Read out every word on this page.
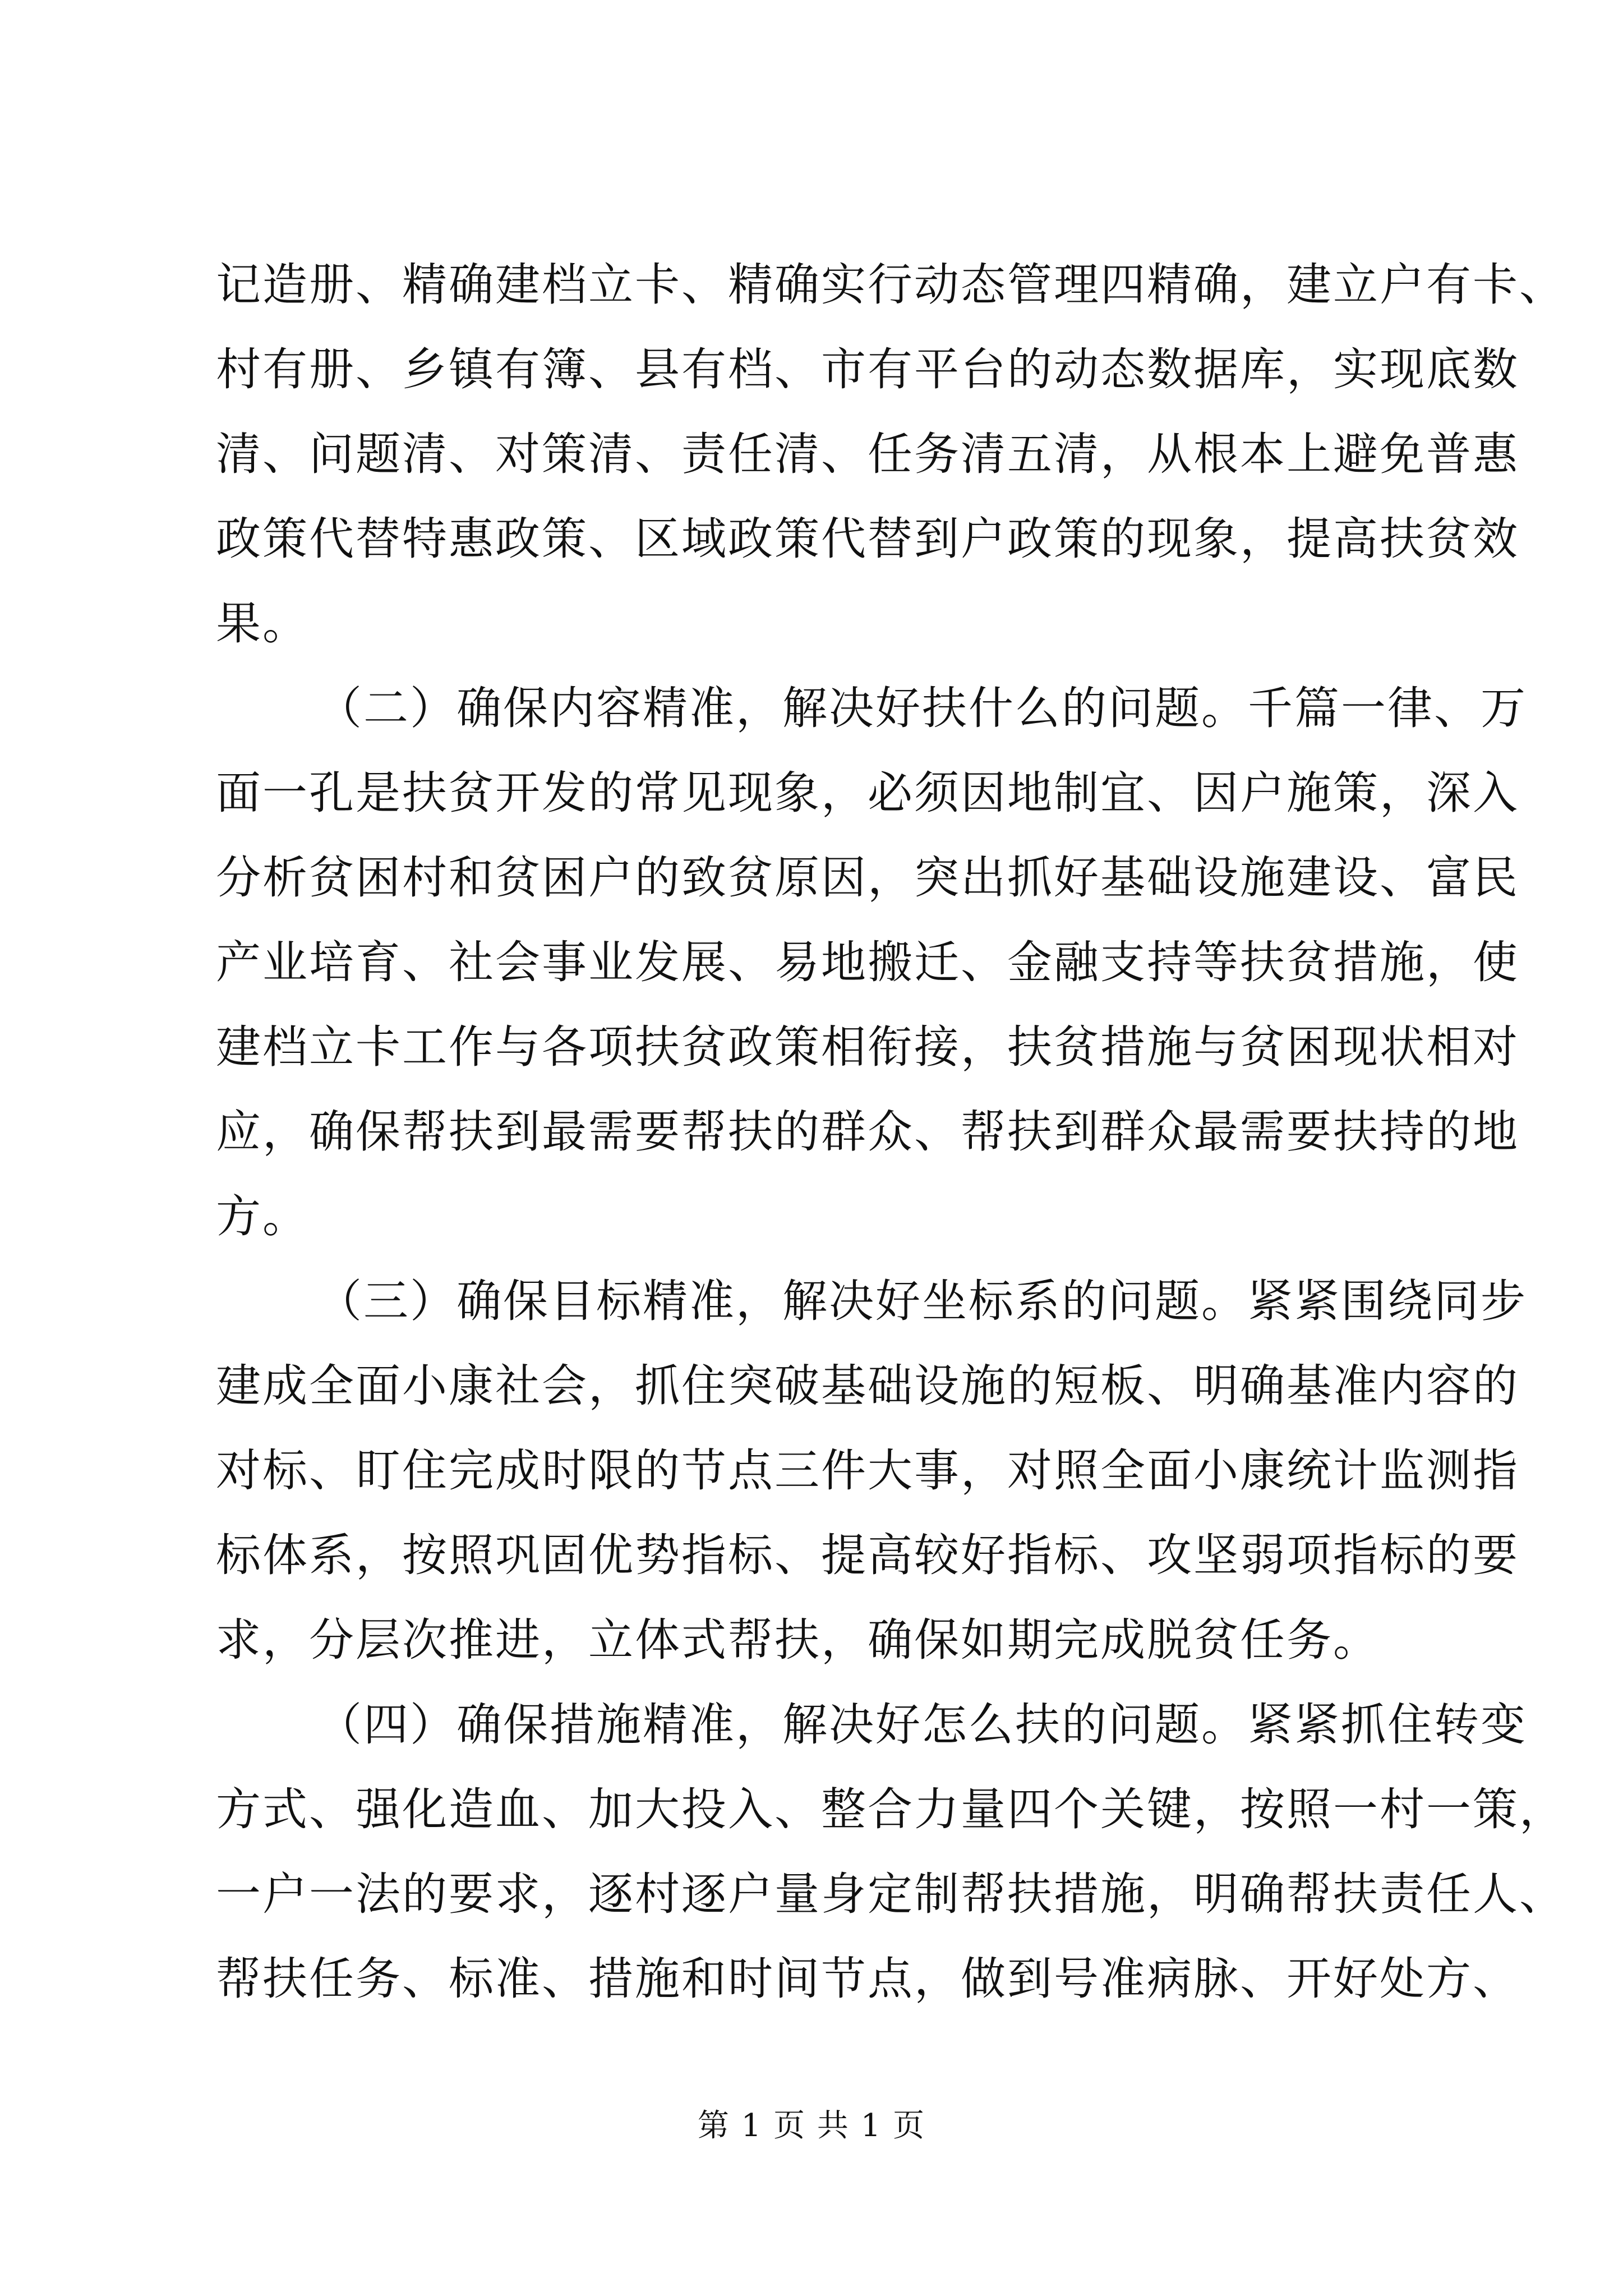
记造册、精确建档立卡、精确实行动态管理四精确，建立户有卡、
村有册、乡镇有簿、县有档、市有平台的动态数据库，实现底数
清、问题清、对策清、责任清、任务清五清，从根本上避免普惠
政策代替特惠政策、区域政策代替到户政策的现象，提高扶贫效
果。

（二）确保内容精准，解决好扶什么的问题。千篇一律、万
面一孔是扶贫开发的常见现象，必须因地制宜、因户施策，深入
分析贫困村和贫困户的致贫原因，突出抓好基础设施建设、富民
产业培育、社会事业发展、易地搬迁、金融支持等扶贫措施，使
建档立卡工作与各项扶贫政策相衔接，扶贫措施与贫困现状相对
应，确保帮扶到最需要帮扶的群众、帮扶到群众最需要扶持的地
方。

（三）确保目标精准，解决好坐标系的问题。紧紧围绕同步
建成全面小康社会，抓住突破基础设施的短板、明确基准内容的
对标、盯住完成时限的节点三件大事，对照全面小康统计监测指
标体系，按照巩固优势指标、提高较好指标、攻坚弱项指标的要
求，分层次推进，立体式帮扶，确保如期完成脱贫任务。

（四）确保措施精准，解决好怎么扶的问题。紧紧抓住转变
方式、强化造血、加大投入、整合力量四个关键，按照一村一策，
一户一法的要求，逐村逐户量身定制帮扶措施，明确帮扶责任人、
帮扶任务、标准、措施和时间节点，做到号准病脉、开好处方、

第 1 页 共 1 页
